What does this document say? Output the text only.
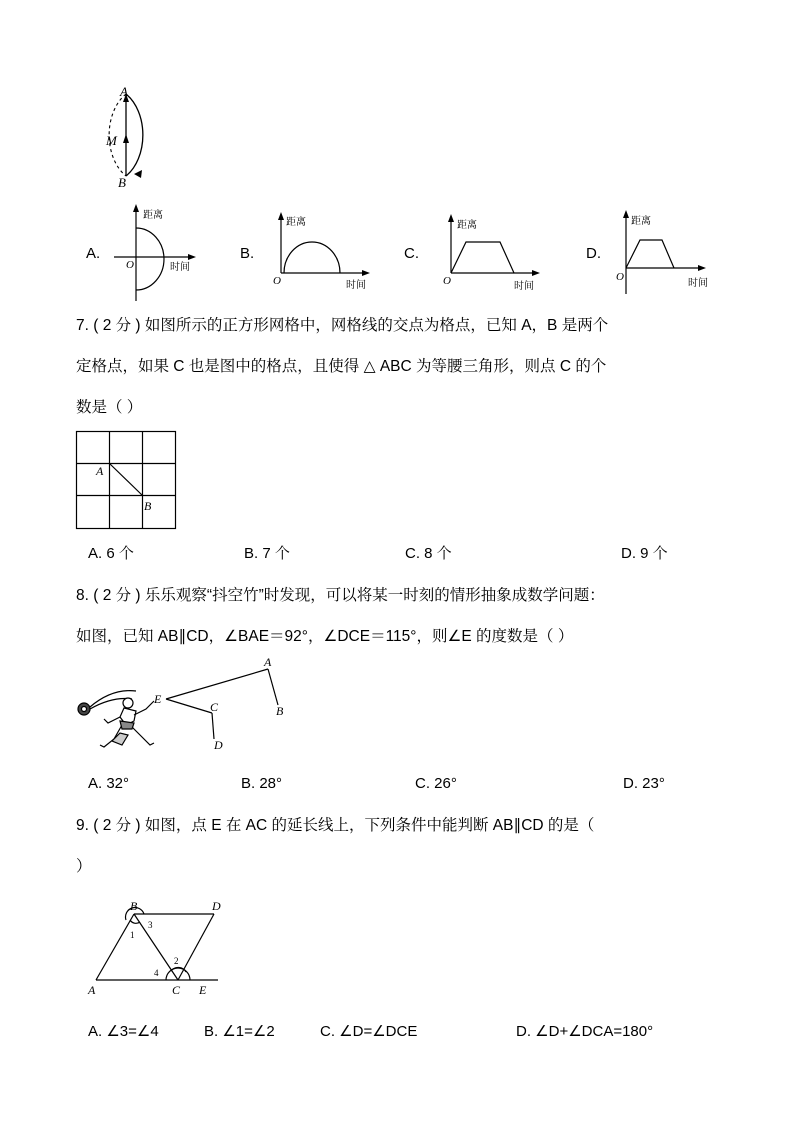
A
M
B
A.
距离
时间
O
B.
距离
时间
O
C.
距离
时间
O
D.
距离
时间
O
7. ( 2 分 ) 如图所示的正方形网格中，网格线的交点为格点，已知 A，B 是两个
定格点，如果 C 也是图中的格点，且使得 △ ABC 为等腰三角形，则点 C 的个
数是（ ）
A
B
A. 6 个	B. 7 个	C. 8 个	D. 9 个
8. ( 2 分 ) 乐乐观察“抖空竹”时发现，可以将某一时刻的情形抽象成数学问题：
如图，已知 AB∥CD，∠BAE＝92°，∠DCE＝115°，则∠E 的度数是（ ）
A
B
C
D
E
A. 32°	B. 28°	C. 26°	D. 23°
9. ( 2 分 ) 如图，点 E 在 AC 的延长线上，下列条件中能判断 AB∥CD 的是（
）
B	D
A	C E
1
3
2
4
A. ∠3=∠4	B. ∠1=∠2	C. ∠D=∠DCE	D. ∠D+∠DCA=180°
